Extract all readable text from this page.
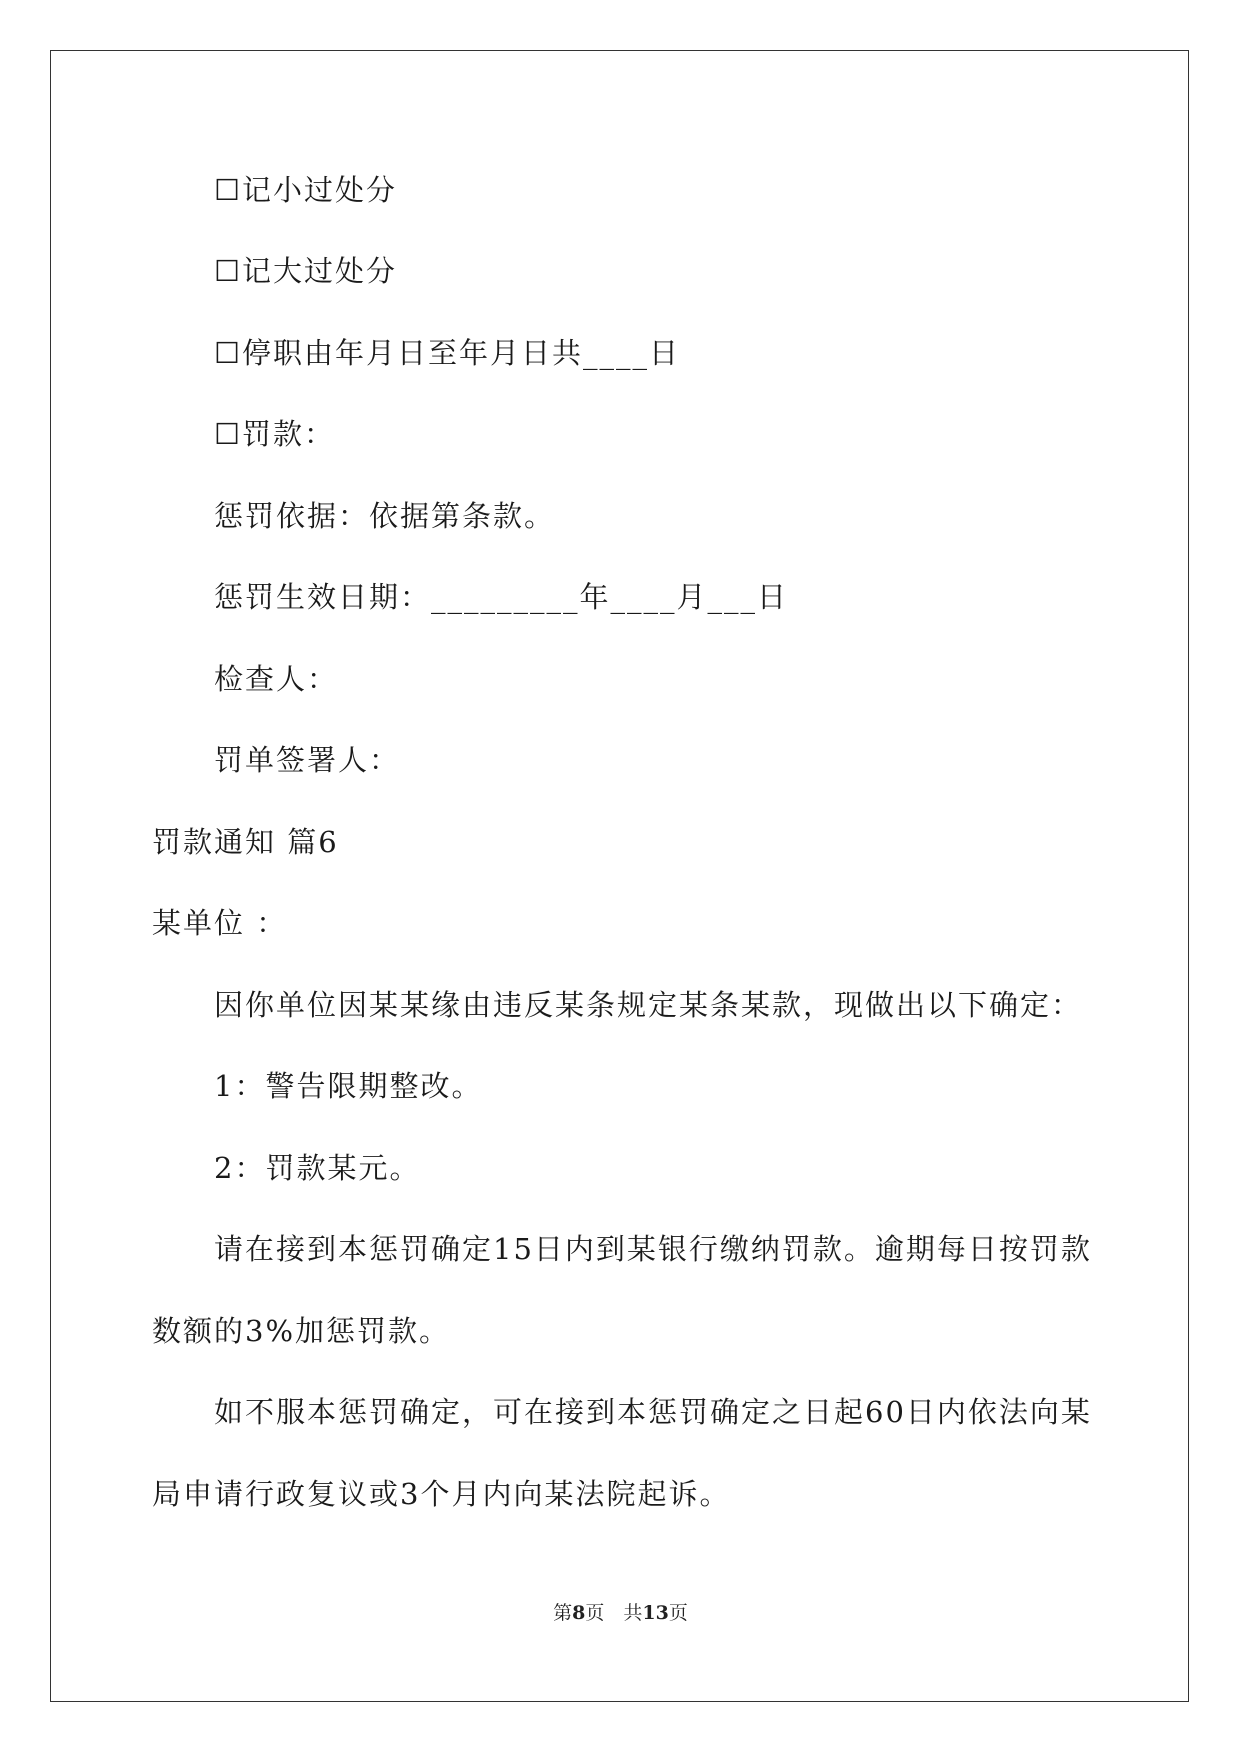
☐记小过处分
☐记大过处分
☐停职由年月日至年月日共____日
☐罚款：
惩罚依据：依据第条款。
惩罚生效日期：_________年____月___日
检查人：
罚单签署人：
罚款通知 篇6
某单位 ：
因你单位因某某缘由违反某条规定某条某款，现做出以下确定：
1：警告限期整改。
2：罚款某元。
请在接到本惩罚确定15日内到某银行缴纳罚款。逾期每日按罚款
数额的3%加惩罚款。
如不服本惩罚确定，可在接到本惩罚确定之日起60日内依法向某
局申请行政复议或3个月内向某法院起诉。
第8页　共13页
